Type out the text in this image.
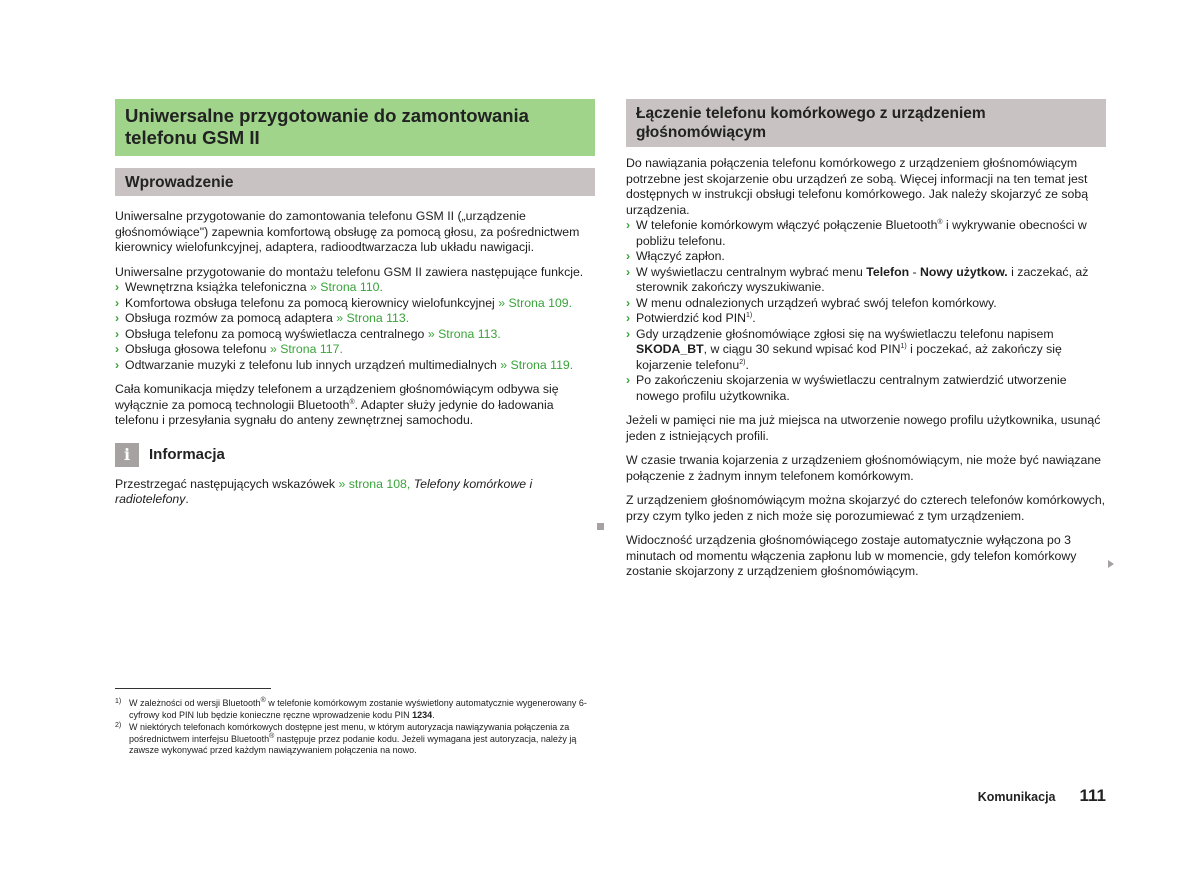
Uniwersalne przygotowanie do zamontowania telefonu GSM II
Wprowadzenie

Uniwersalne przygotowanie do zamontowania telefonu GSM II („urządzenie głośnomówiące") zapewnia komfortową obsługę za pomocą głosu, za pośrednictwem kierownicy wielofunkcyjnej, adaptera, radioodtwarzacza lub układu nawigacji.

Uniwersalne przygotowanie do montażu telefonu GSM II zawiera następujące funkcje.

› Wewnętrzna książka telefoniczna » Strona 110.
› Komfortowa obsługa telefonu za pomocą kierownicy wielofunkcyjnej » Strona 109.
› Obsługa rozmów za pomocą adaptera » Strona 113.
› Obsługa telefonu za pomocą wyświetlacza centralnego » Strona 113.
› Obsługa głosowa telefonu » Strona 117.
› Odtwarzanie muzyki z telefonu lub innych urządzeń multimedialnych » Strona 119.

Cała komunikacja między telefonem a urządzeniem głośnomówiącym odbywa się wyłącznie za pomocą technologii Bluetooth®. Adapter służy jedynie do ładowania telefonu i przesyłania sygnału do anteny zewnętrznej samochodu.

i	Informacja

Przestrzegać następujących wskazówek » strona 108, Telefony komórkowe i radiotelefony.

Łączenie telefonu komórkowego z urządzeniem głośnomówiącym

Do nawiązania połączenia telefonu komórkowego z urządzeniem głośnomówiącym potrzebne jest skojarzenie obu urządzeń ze sobą. Więcej informacji na ten temat jest dostępnych w instrukcji obsługi telefonu komórkowego. Jak należy skojarzyć ze sobą urządzenia.

› W telefonie komórkowym włączyć połączenie Bluetooth® i wykrywanie obecności w pobliżu telefonu.
› Włączyć zapłon.
› W wyświetlaczu centralnym wybrać menu Telefon - Nowy użytkow. i zaczekać, aż sterownik zakończy wyszukiwanie.
› W menu odnalezionych urządzeń wybrać swój telefon komórkowy.
› Potwierdzić kod PIN$^{1)}$.
› Gdy urządzenie głośnomówiące zgłosi się na wyświetlaczu telefonu napisem SKODA_BT, w ciągu 30 sekund wpisać kod PIN$^{1)}$ i poczekać, aż zakończy się kojarzenie telefonu$^{2)}$.
› Po zakończeniu skojarzenia w wyświetlaczu centralnym zatwierdzić utworzenie nowego profilu użytkownika.

Jeżeli w pamięci nie ma już miejsca na utworzenie nowego profilu użytkownika, usunąć jeden z istniejących profili.

W czasie trwania kojarzenia z urządzeniem głośnomówiącym, nie może być nawiązane połączenie z żadnym innym telefonem komórkowym.

Z urządzeniem głośnomówiącym można skojarzyć do czterech telefonów komórkowych, przy czym tylko jeden z nich może się porozumiewać z tym urządzeniem.

Widoczność urządzenia głośnomówiącego zostaje automatycznie wyłączona po 3 minutach od momentu włączenia zapłonu lub w momencie, gdy telefon komórkowy zostanie skojarzony z urządzeniem głośnomówiącym.

1) W zależności od wersji Bluetooth® w telefonie komórkowym zostanie wyświetlony automatycznie wygenerowany 6-cyfrowy kod PIN lub będzie konieczne ręczne wprowadzenie kodu PIN 1234.
2) W niektórych telefonach komórkowych dostępne jest menu, w którym autoryzacja nawiązywania połączenia za pośrednictwem interfejsu Bluetooth® następuje przez podanie kodu. Jeżeli wymagana jest autoryzacja, należy ją zawsze wykonywać przed każdym nawiązywaniem połączenia na nowo.
Komunikacja 111
